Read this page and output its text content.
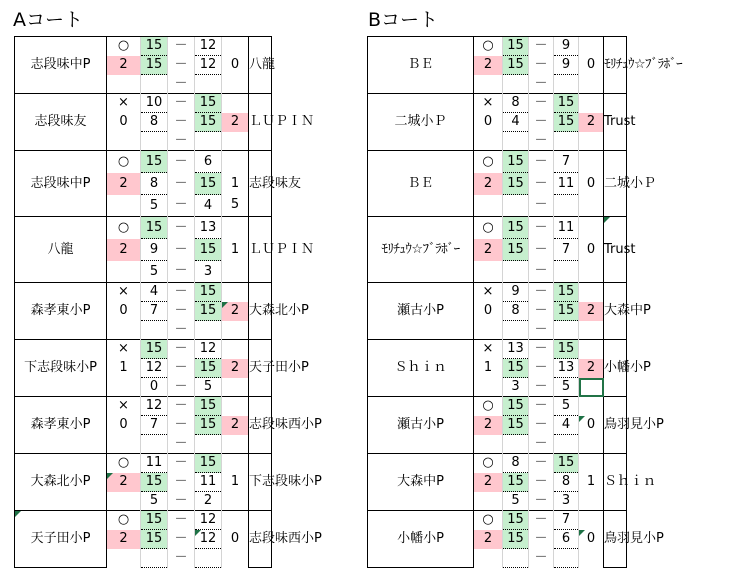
Aコート	Bコート
志段味中P	○	15	－	12		八龍
	2	15	－	12	0	
			－			
志段味友	×	10	－	15		ＬＵＰＩＮ
	0	8	－	15	2	
			－			
志段味中P	○	15	－	6		志段味友
	2	8	－	15	1	
		5	－	4	5	
八龍	○	15	－	13		ＬＵＰＩＮ
	2	9	－	15	1	
		5	－	3		
森孝東小P	×	4	－	15		大森北小P
	0	7	－	15	2	
			－			
下志段味小P	×	15	－	12		天子田小P
	1	12	－	15	2	
		0	－	5		
森孝東小P	×	12	－	15		志段味西小P
	0	7	－	15	2	
			－			
大森北小P	○	11	－	15		下志段味小P
	2	15	－	11	1	
		5	－	2		
天子田小P	○	15	－	12		志段味西小P
	2	15	－	12	0	
			－			
ＢＥ	○	15	－	9		ﾓﾘﾁｭｳ☆ﾌﾞﾗﾎﾞｰ
	2	15	－	9	0	
			－			
二城小Ｐ	×	8	－	15		Trust
	0	4	－	15	2	
			－			
ＢＥ	○	15	－	7		二城小Ｐ
	2	15	－	11	0	
			－			
ﾓﾘﾁｭｳ☆ﾌﾞﾗﾎﾞｰ	○	15	－	11		Trust
	2	15	－	7	0	
			－			
瀬古小P	×	9	－	15		大森中P
	0	8	－	15	2	
			－			
Ｓｈｉｎ	×	13	－	15		小幡小P
	1	15	－	13	2	
		3	－	5		
瀬古小P	○	15	－	5		鳥羽見小P
	2	15	－	4	0	
			－			
大森中P	○	8	－	15		Ｓｈｉｎ
	2	15	－	8	1	
		5	－	3		
小幡小P	○	15	－	7		鳥羽見小P
	2	15	－	6	0	
			－			
